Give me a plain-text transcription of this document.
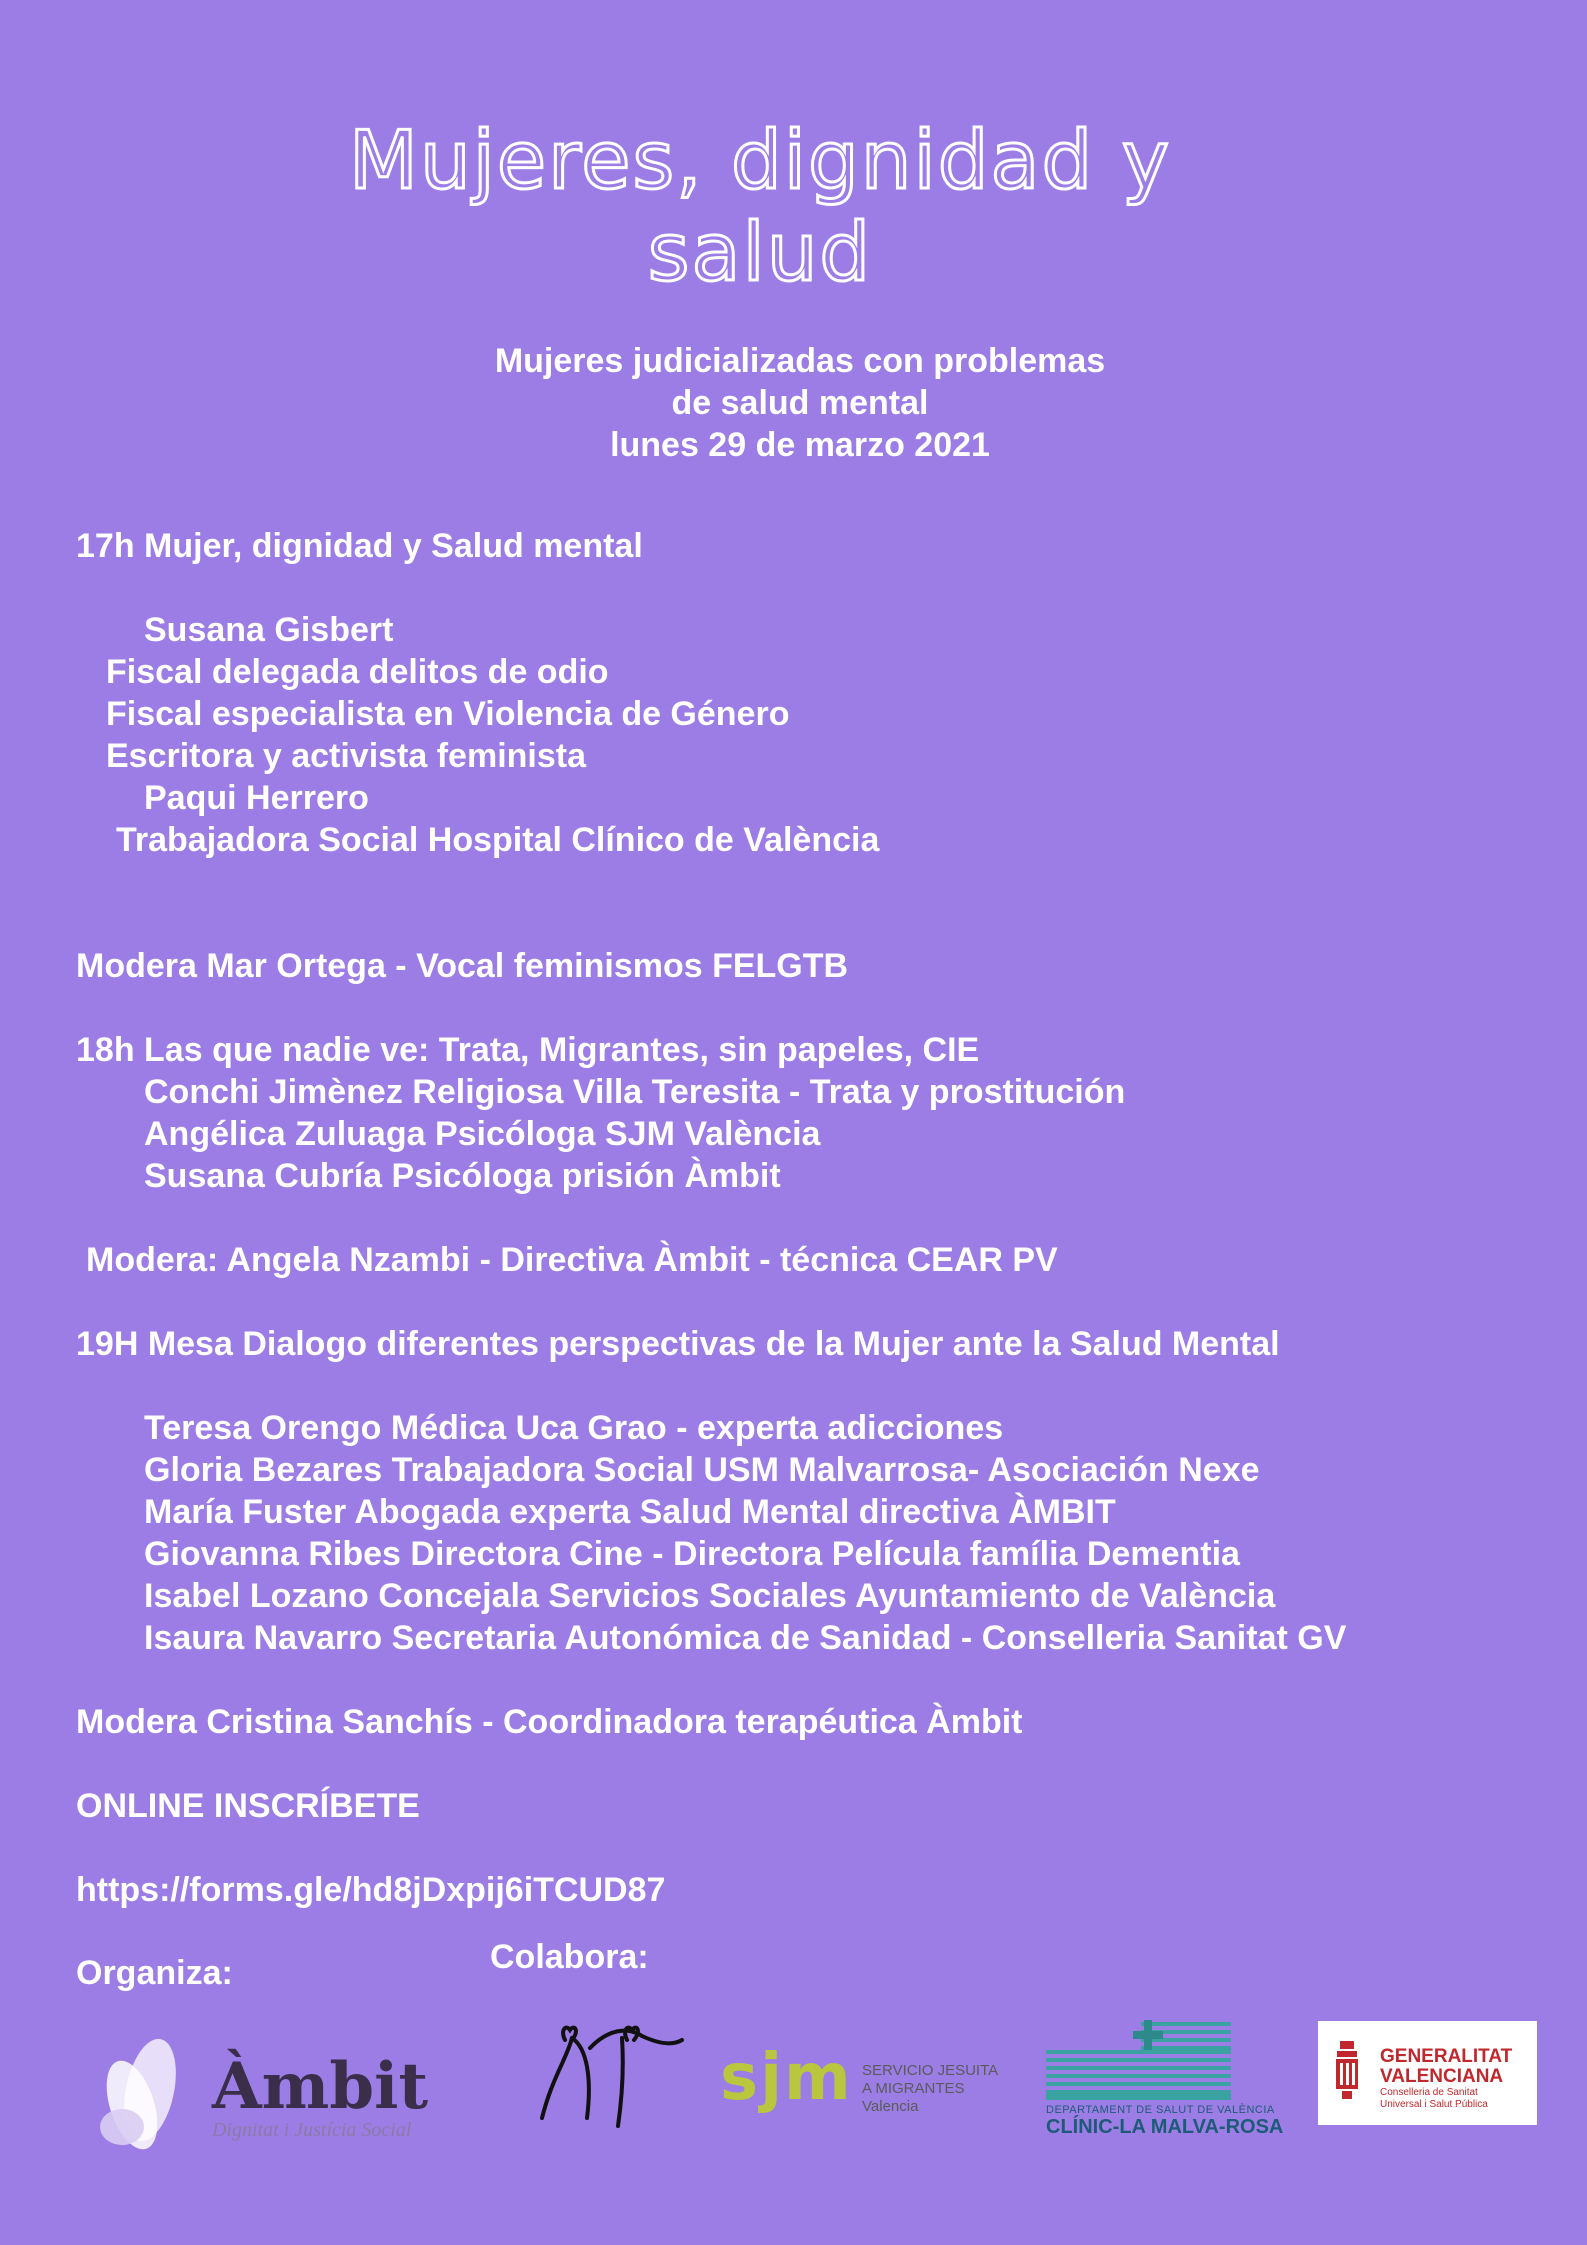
Mujeres, dignidad y
salud
Mujeres judicializadas con problemas
de salud mental
lunes 29 de marzo 2021
17h Mujer, dignidad y Salud mental
Susana Gisbert
Fiscal delegada delitos de odio
Fiscal especialista en Violencia de Género
Escritora y activista feminista
Paqui Herrero
Trabajadora Social Hospital Clínico de València
Modera Mar Ortega - Vocal feminismos FELGTB
18h Las que nadie ve: Trata, Migrantes, sin papeles, CIE
Conchi Jimènez Religiosa Villa Teresita - Trata y prostitución
Angélica Zuluaga Psicóloga SJM València
Susana Cubría Psicóloga prisión Àmbit
Modera: Angela Nzambi - Directiva Àmbit - técnica CEAR PV
19H Mesa Dialogo diferentes perspectivas de la Mujer ante la Salud Mental
Teresa Orengo Médica Uca Grao - experta adicciones
Gloria Bezares Trabajadora Social USM Malvarrosa- Asociación Nexe
María Fuster Abogada experta Salud Mental directiva ÀMBIT
Giovanna Ribes Directora Cine - Directora Película família Dementia
Isabel Lozano Concejala Servicios Sociales Ayuntamiento de València
Isaura Navarro Secretaria Autonómica de Sanidad - Conselleria Sanitat GV
Modera Cristina Sanchís - Coordinadora terapéutica Àmbit
ONLINE INSCRÍBETE
https://forms.gle/hd8jDxpij6iTCUD87
Organiza:	Colabora:
Àmbit
Dignitat i Justícia Social
sjm SERVICIO JESUITA
A MIGRANTES
Valencia	DEPARTAMENT DE SALUT DE VALÈNCIA
CLÍNIC-LA MALVA-ROSA
GENERALITAT
VALENCIANA
Conselleria de Sanitat
Universal i Salut Pública
